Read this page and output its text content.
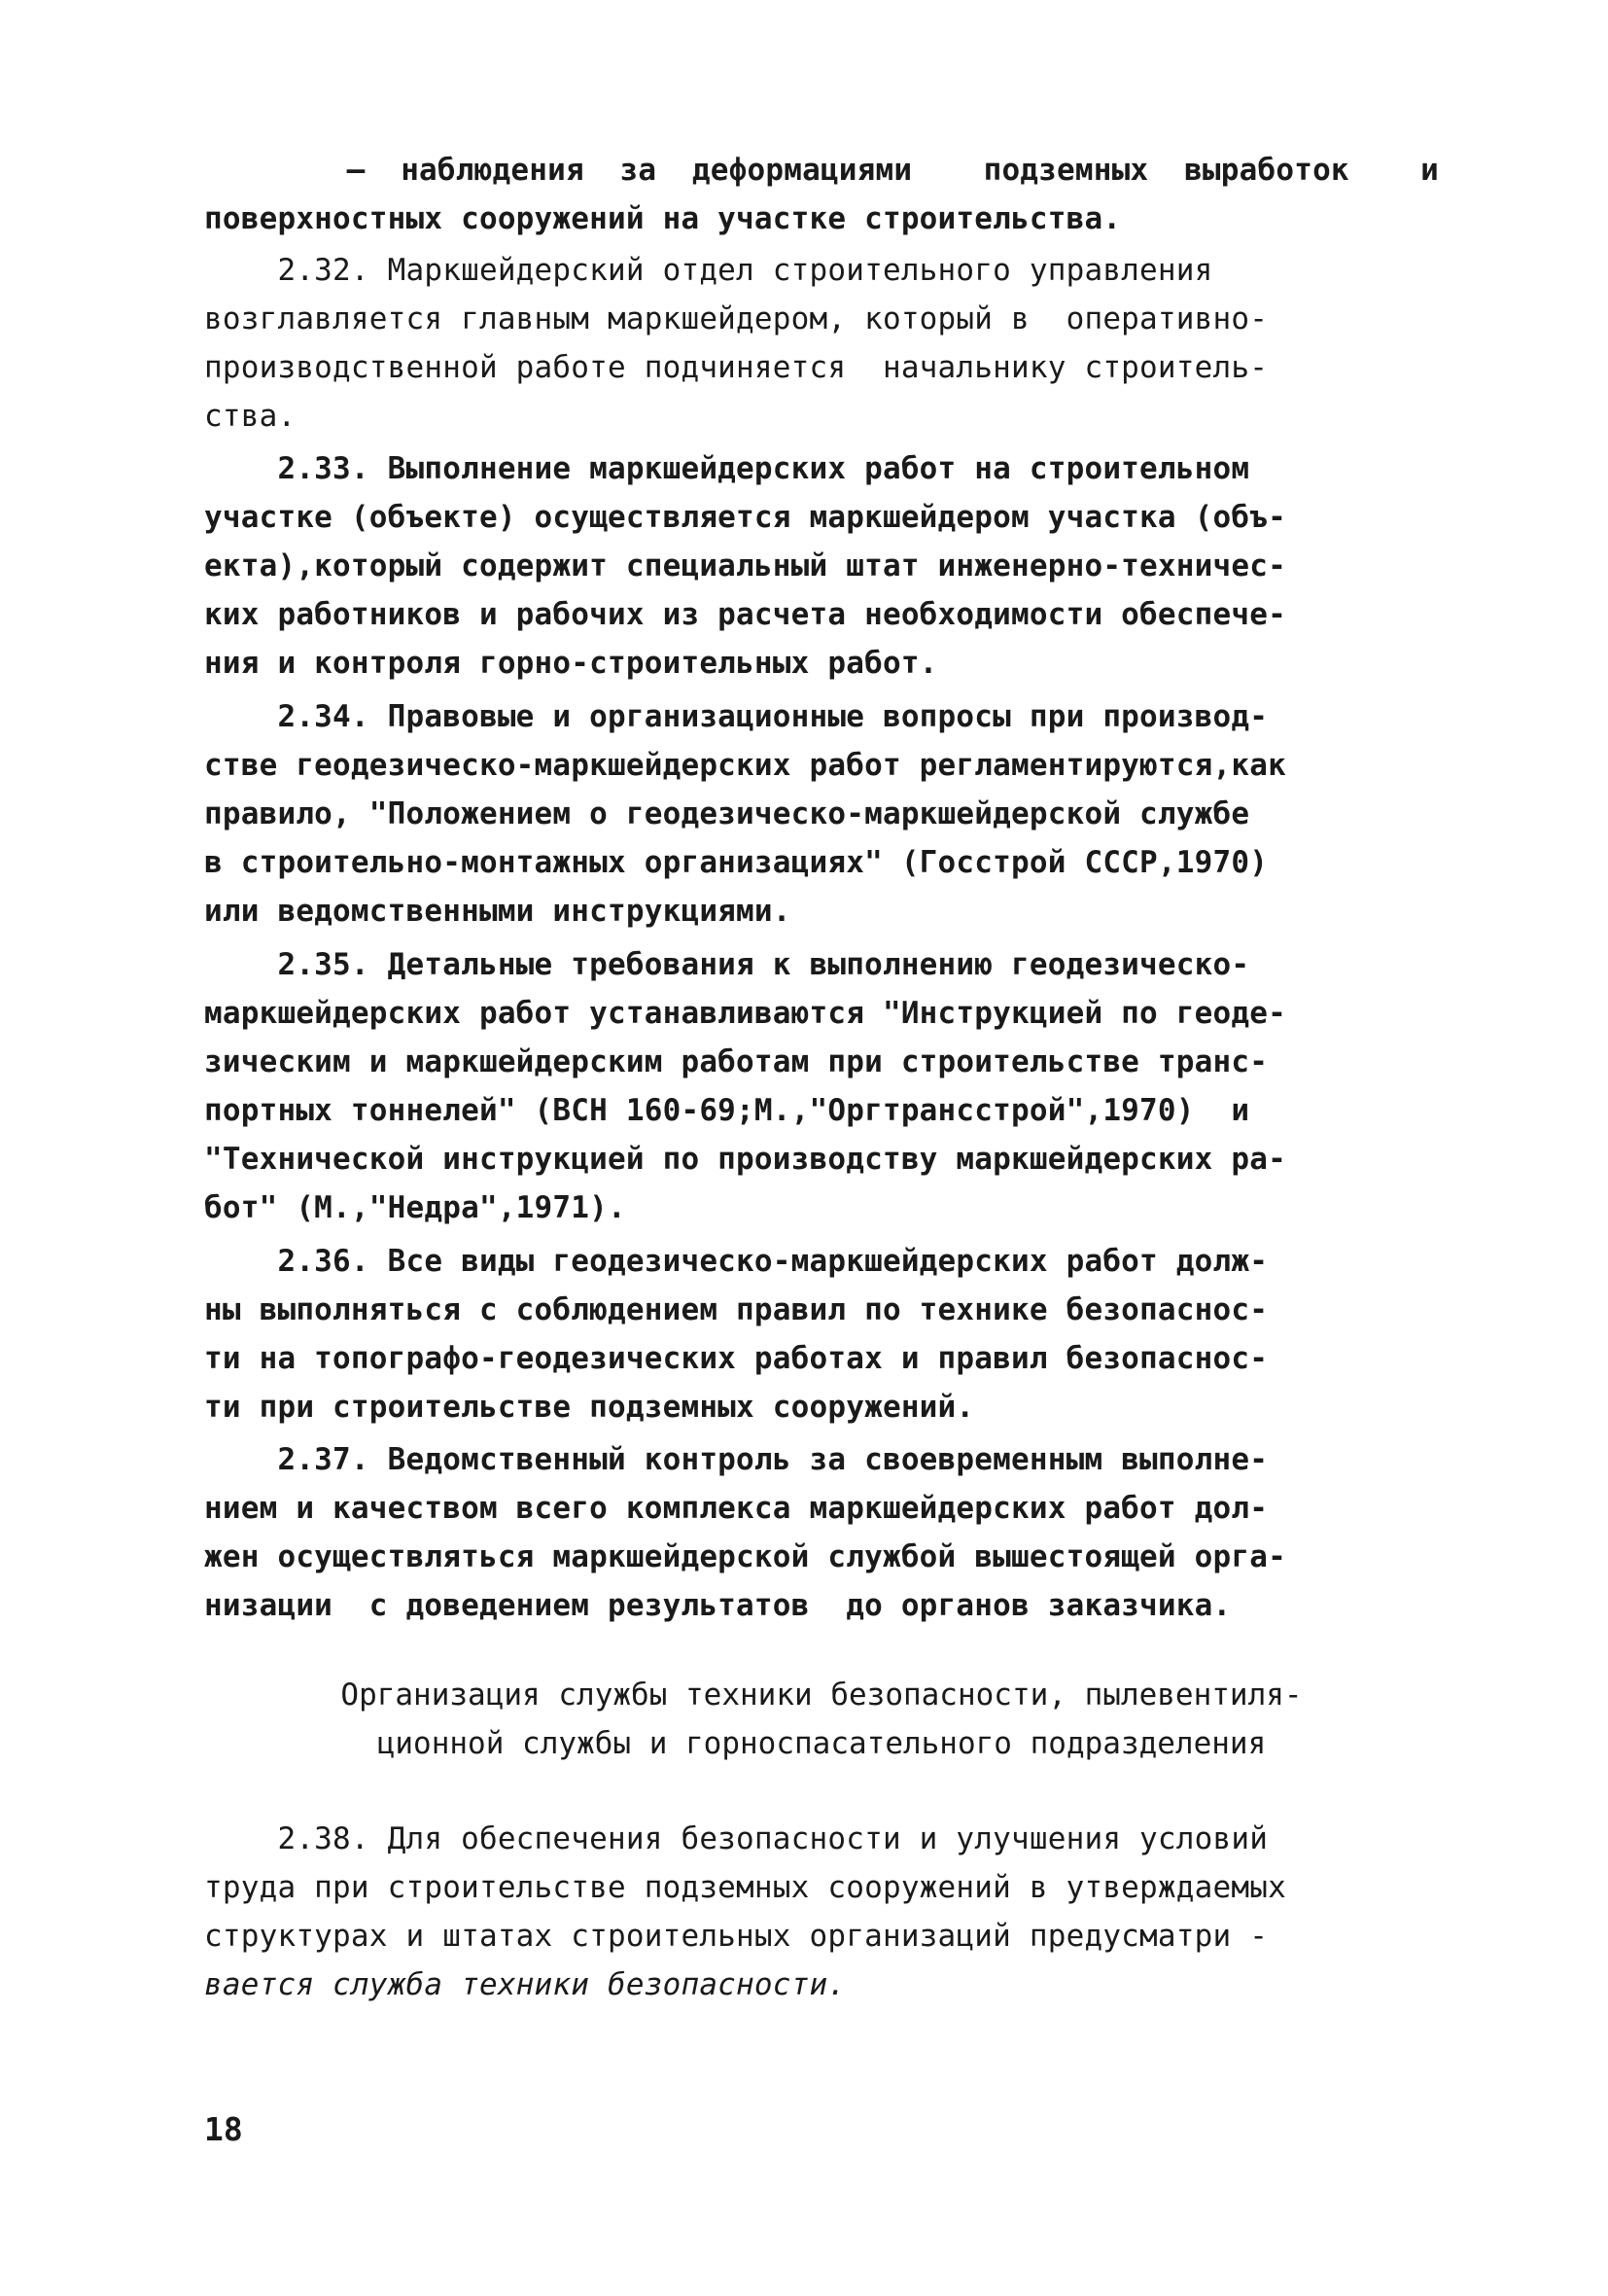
– наблюдения за деформациями  подземных выработок  и
поверхностных сооружений на участке строительства.
2.32. Маркшейдерский отдел строительного управления
возглавляется главным маркшейдером, который в  оперативно-
производственной работе подчиняется  начальнику строитель-
ства.
2.33. Выполнение маркшейдерских работ на строительном
участке (объекте) осуществляется маркшейдером участка (объ-
екта),который содержит специальный штат инженерно-техничес-
ких работников и рабочих из расчета необходимости обеспече-
ния и контроля горно-строительных работ.
2.34. Правовые и организационные вопросы при производ-
стве геодезическо-маркшейдерских работ регламентируются,как
правило, "Положением о геодезическо-маркшейдерской службе
в строительно-монтажных организациях" (Госстрой СССР,1970)
или ведомственными инструкциями.
2.35. Детальные требования к выполнению геодезическо-
маркшейдерских работ устанавливаются "Инструкцией по геоде-
зическим и маркшейдерским работам при строительстве транс-
портных тоннелей" (ВСН 160-69;М.,"Оргтрансстрой",1970)  и
"Технической инструкцией по производству маркшейдерских ра-
бот" (М.,"Недра",1971).
2.36. Все виды геодезическо-маркшейдерских работ долж-
ны выполняться с соблюдением правил по технике безопаснос-
ти на топографо-геодезических работах и правил безопаснос-
ти при строительстве подземных сооружений.
2.37. Ведомственный контроль за своевременным выполне-
нием и качеством всего комплекса маркшейдерских работ дол-
жен осуществляться маркшейдерской службой вышестоящей орга-
низации  с доведением результатов  до органов заказчика.
Организация службы техники безопасности, пылевентиля-
ционной службы и горноспасательного подразделения
2.38. Для обеспечения безопасности и улучшения условий
труда при строительстве подземных сооружений в утверждаемых
структурах и штатах строительных организаций предусматри -
вается служба техники безопасности.
18
